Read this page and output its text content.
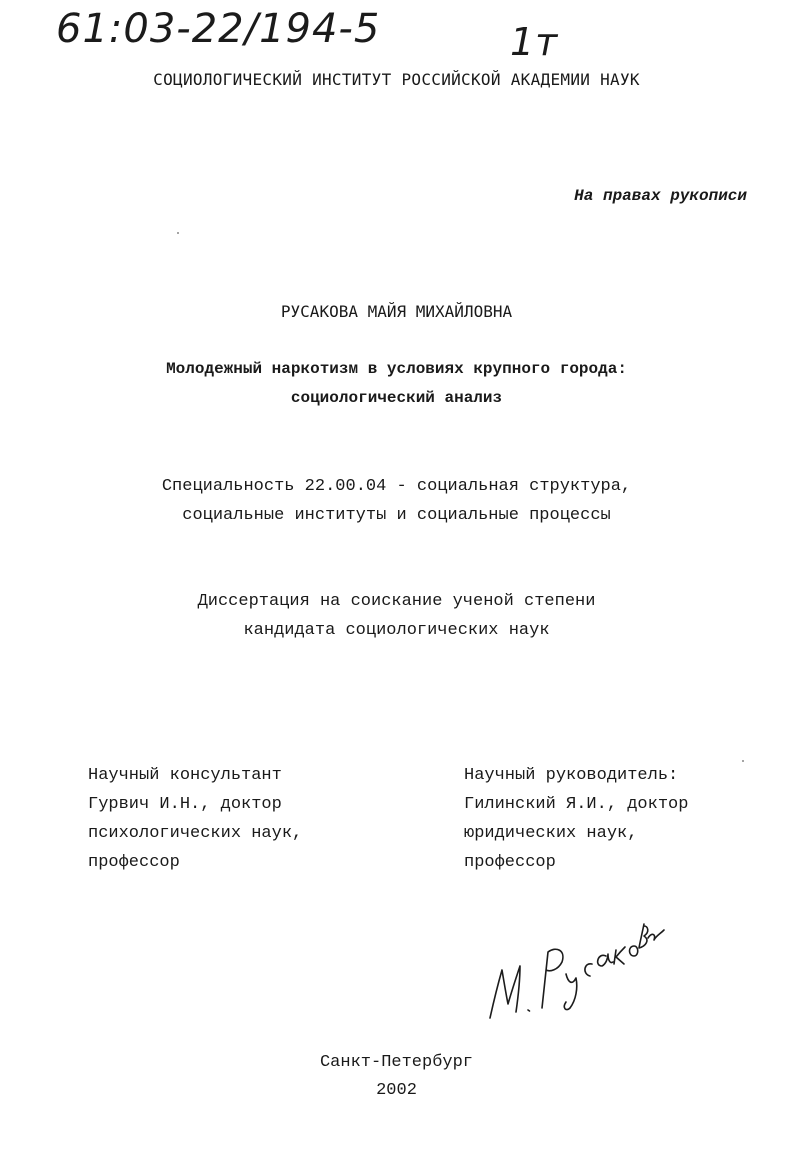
61:03-22/194-5	1т
СОЦИОЛОГИЧЕСКИЙ ИНСТИТУТ РОССИЙСКОЙ АКАДЕМИИ НАУК
На правах рукописи
РУСАКОВА МАЙЯ МИХАЙЛОВНА
Молодежный наркотизм в условиях крупного города:
социологический анализ
Специальность 22.00.04 - социальная структура,
социальные институты и социальные процессы
Диссертация на соискание ученой степени
кандидата социологических наук
Научный консультант
Гурвич И.Н., доктор
психологических наук,
профессор
Научный руководитель:
Гилинский Я.И., доктор
юридических наук,
профессор
Санкт-Петербург
2002
